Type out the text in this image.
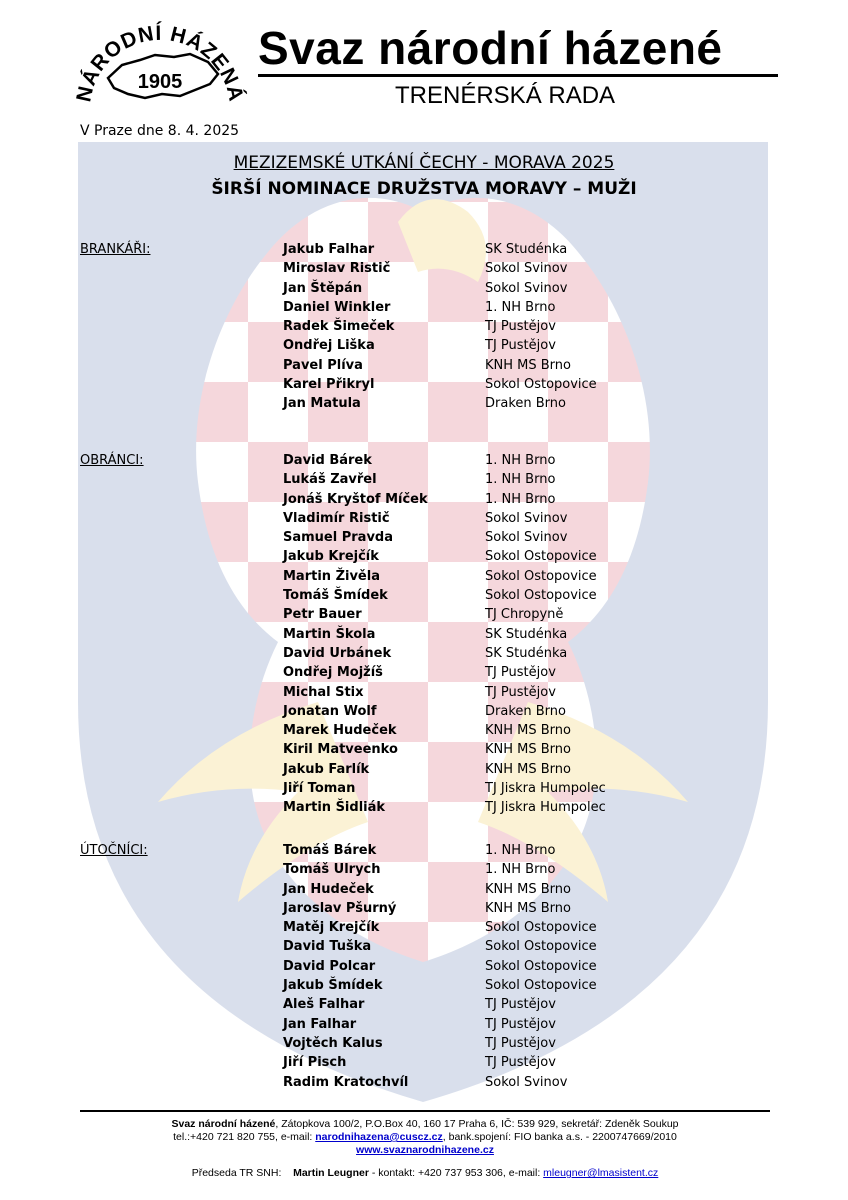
1905
NÁRODNÍ HÁZENÁ
Svaz národní házené
TRENÉRSKÁ RADA
V Praze dne 8. 4. 2025
MEZIZEMSKÉ UTKÁNÍ ČECHY - MORAVA 2025
ŠIRŠÍ NOMINACE DRUŽSTVA MORAVY – MUŽI
BRANKÁŘI:	Jakub Falhar	SK Studénka
Miroslav Ristič	Sokol Svinov
Jan Štěpán	Sokol Svinov
Daniel Winkler	1. NH Brno
Radek Šimeček	TJ Pustějov
Ondřej Liška	TJ Pustějov
Pavel Plíva	KNH MS Brno
Karel Přikryl	Sokol Ostopovice
Jan Matula	Draken Brno
OBRÁNCI:	David Bárek	1. NH Brno
Lukáš Zavřel	1. NH Brno
Jonáš Kryštof Míček	1. NH Brno
Vladimír Ristič	Sokol Svinov
Samuel Pravda	Sokol Svinov
Jakub Krejčík	Sokol Ostopovice
Martin Živěla	Sokol Ostopovice
Tomáš Šmídek	Sokol Ostopovice
Petr Bauer	TJ Chropyně
Martin Škola	SK Studénka
David Urbánek	SK Studénka
Ondřej Mojžíš	TJ Pustějov
Michal Stix	TJ Pustějov
Jonatan Wolf	Draken Brno
Marek Hudeček	KNH MS Brno
Kiril Matveenko	KNH MS Brno
Jakub Farlík	KNH MS Brno
Jiří Toman	TJ Jiskra Humpolec
Martin Šidliák	TJ Jiskra Humpolec
ÚTOČNÍCI:	Tomáš Bárek	1. NH Brno
Tomáš Ulrych	1. NH Brno
Jan Hudeček	KNH MS Brno
Jaroslav Pšurný	KNH MS Brno
Matěj Krejčík	Sokol Ostopovice
David Tuška	Sokol Ostopovice
David Polcar	Sokol Ostopovice
Jakub Šmídek	Sokol Ostopovice
Aleš Falhar	TJ Pustějov
Jan Falhar	TJ Pustějov
Vojtěch Kalus	TJ Pustějov
Jiří Pisch	TJ Pustějov
Radim Kratochvíl	Sokol Svinov
Svaz národní házené, Zátopkova 100/2, P.O.Box 40, 160 17 Praha 6, IČ: 539 929, sekretář: Zdeněk Soukup
tel.:+420 721 820 755, e-mail: narodnihazena@cuscz.cz, bank.spojení: FIO banka a.s. - 2200747669/2010
www.svaznarodnihazene.cz
Předseda TR SNH: Martin Leugner - kontakt: +420 737 953 306, e-mail: mleugner@lmasistent.cz
